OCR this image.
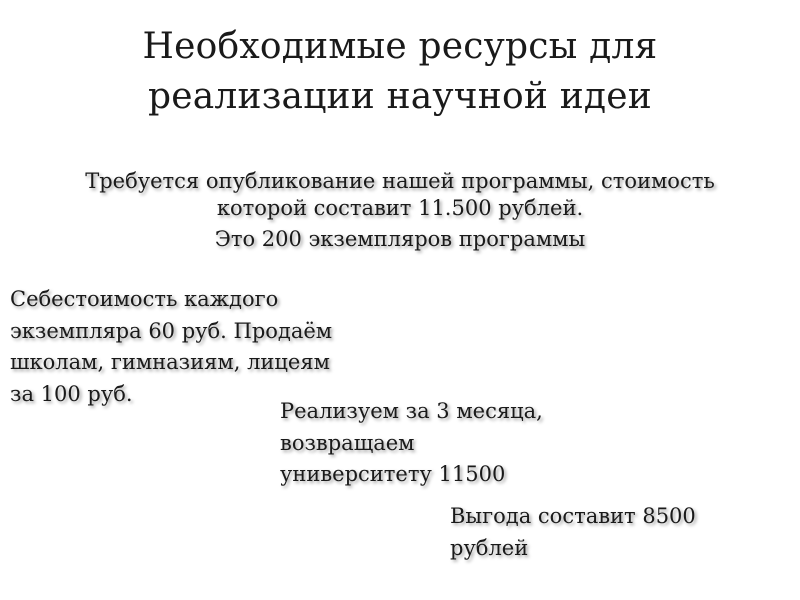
Необходимые ресурсы для
реализации научной идеи

Требуется опубликование нашей программы, стоимость

которой составит 11.500 рублей.

Это 200 экземпляров программы

Себестоимость каждого
экземпляра 60 руб. Продаём
школам, гимназиям, лицеям
за 100 руб.
Реализуем за 3 месяца,
возвращаем
университету 11500
Выгода составит 8500
рублей
